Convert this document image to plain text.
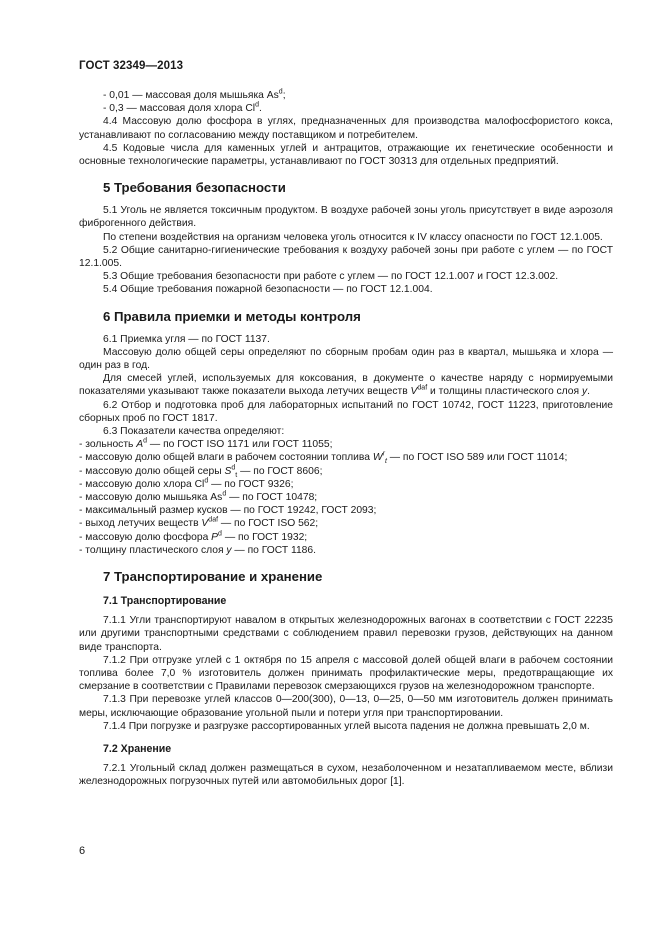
ГОСТ 32349—2013

- 0,01 — массовая доля мышьяка As$^d$;

- 0,3 — массовая доля хлора Cl$^d$.

4.4 Массовую долю фосфора в углях, предназначенных для производства малофосфористого кокса, устанавливают по согласованию между поставщиком и потребителем.

4.5 Кодовые числа для каменных углей и антрацитов, отражающие их генетические особенности и основные технологические параметры, устанавливают по ГОСТ 30313 для отдельных предприятий.

5 Требования безопасности

5.1 Уголь не является токсичным продуктом. В воздухе рабочей зоны уголь присутствует в виде аэрозоля фиброгенного действия.

По степени воздействия на организм человека уголь относится к IV классу опасности по ГОСТ 12.1.005.

5.2 Общие санитарно-гигиенические требования к воздуху рабочей зоны при работе с углем — по ГОСТ 12.1.005.

5.3 Общие требования безопасности при работе с углем — по ГОСТ 12.1.007 и ГОСТ 12.3.002.

5.4 Общие требования пожарной безопасности — по ГОСТ 12.1.004.

6 Правила приемки и методы контроля

6.1 Приемка угля — по ГОСТ 1137.

Массовую долю общей серы определяют по сборным пробам один раз в квартал, мышьяка и хлора — один раз в год.

Для смесей углей, используемых для коксования, в документе о качестве наряду с нормируемыми показателями указывают также показатели выхода летучих веществ $V^{daf}$ и толщины пластического слоя y.

6.2 Отбор и подготовка проб для лабораторных испытаний по ГОСТ 10742, ГОСТ 11223, приготовление сборных проб по ГОСТ 1817.

6.3 Показатели качества определяют:

- зольность $A^d$ — по ГОСТ ISO 1171 или ГОСТ 11055;

- массовую долю общей влаги в рабочем состоянии топлива $W^r_t$ — по ГОСТ ISO 589 или ГОСТ 11014;

- массовую долю общей серы $S^d_t$ — по ГОСТ 8606;

- массовую долю хлора Cl$^d$ — по ГОСТ 9326;

- массовую долю мышьяка As$^d$ — по ГОСТ 10478;

- максимальный размер кусков — по ГОСТ 19242, ГОСТ 2093;

- выход летучих веществ $V^{daf}$ — по ГОСТ ISO 562;

- массовую долю фосфора $P^d$ — по ГОСТ 1932;

- толщину пластического слоя y — по ГОСТ 1186.

7 Транспортирование и хранение
7.1 Транспортирование

7.1.1 Угли транспортируют навалом в открытых железнодорожных вагонах в соответствии с ГОСТ 22235 или другими транспортными средствами с соблюдением правил перевозки грузов, действующих на данном виде транспорта.

7.1.2 При отгрузке углей с 1 октября по 15 апреля с массовой долей общей влаги в рабочем состоянии топлива более 7,0 % изготовитель должен принимать профилактические меры, предотвращающие их смерзание в соответствии с Правилами перевозок смерзающихся грузов на железнодорожном транспорте.

7.1.3 При перевозке углей классов 0—200(300), 0—13, 0—25, 0—50 мм изготовитель должен принимать меры, исключающие образование угольной пыли и потери угля при транспортировании.

7.1.4 При погрузке и разгрузке рассортированных углей высота падения не должна превышать 2,0 м.

7.2 Хранение

7.2.1 Угольный склад должен размещаться в сухом, незаболоченном и незатапливаемом месте, вблизи железнодорожных погрузочных путей или автомобильных дорог [1].

6
